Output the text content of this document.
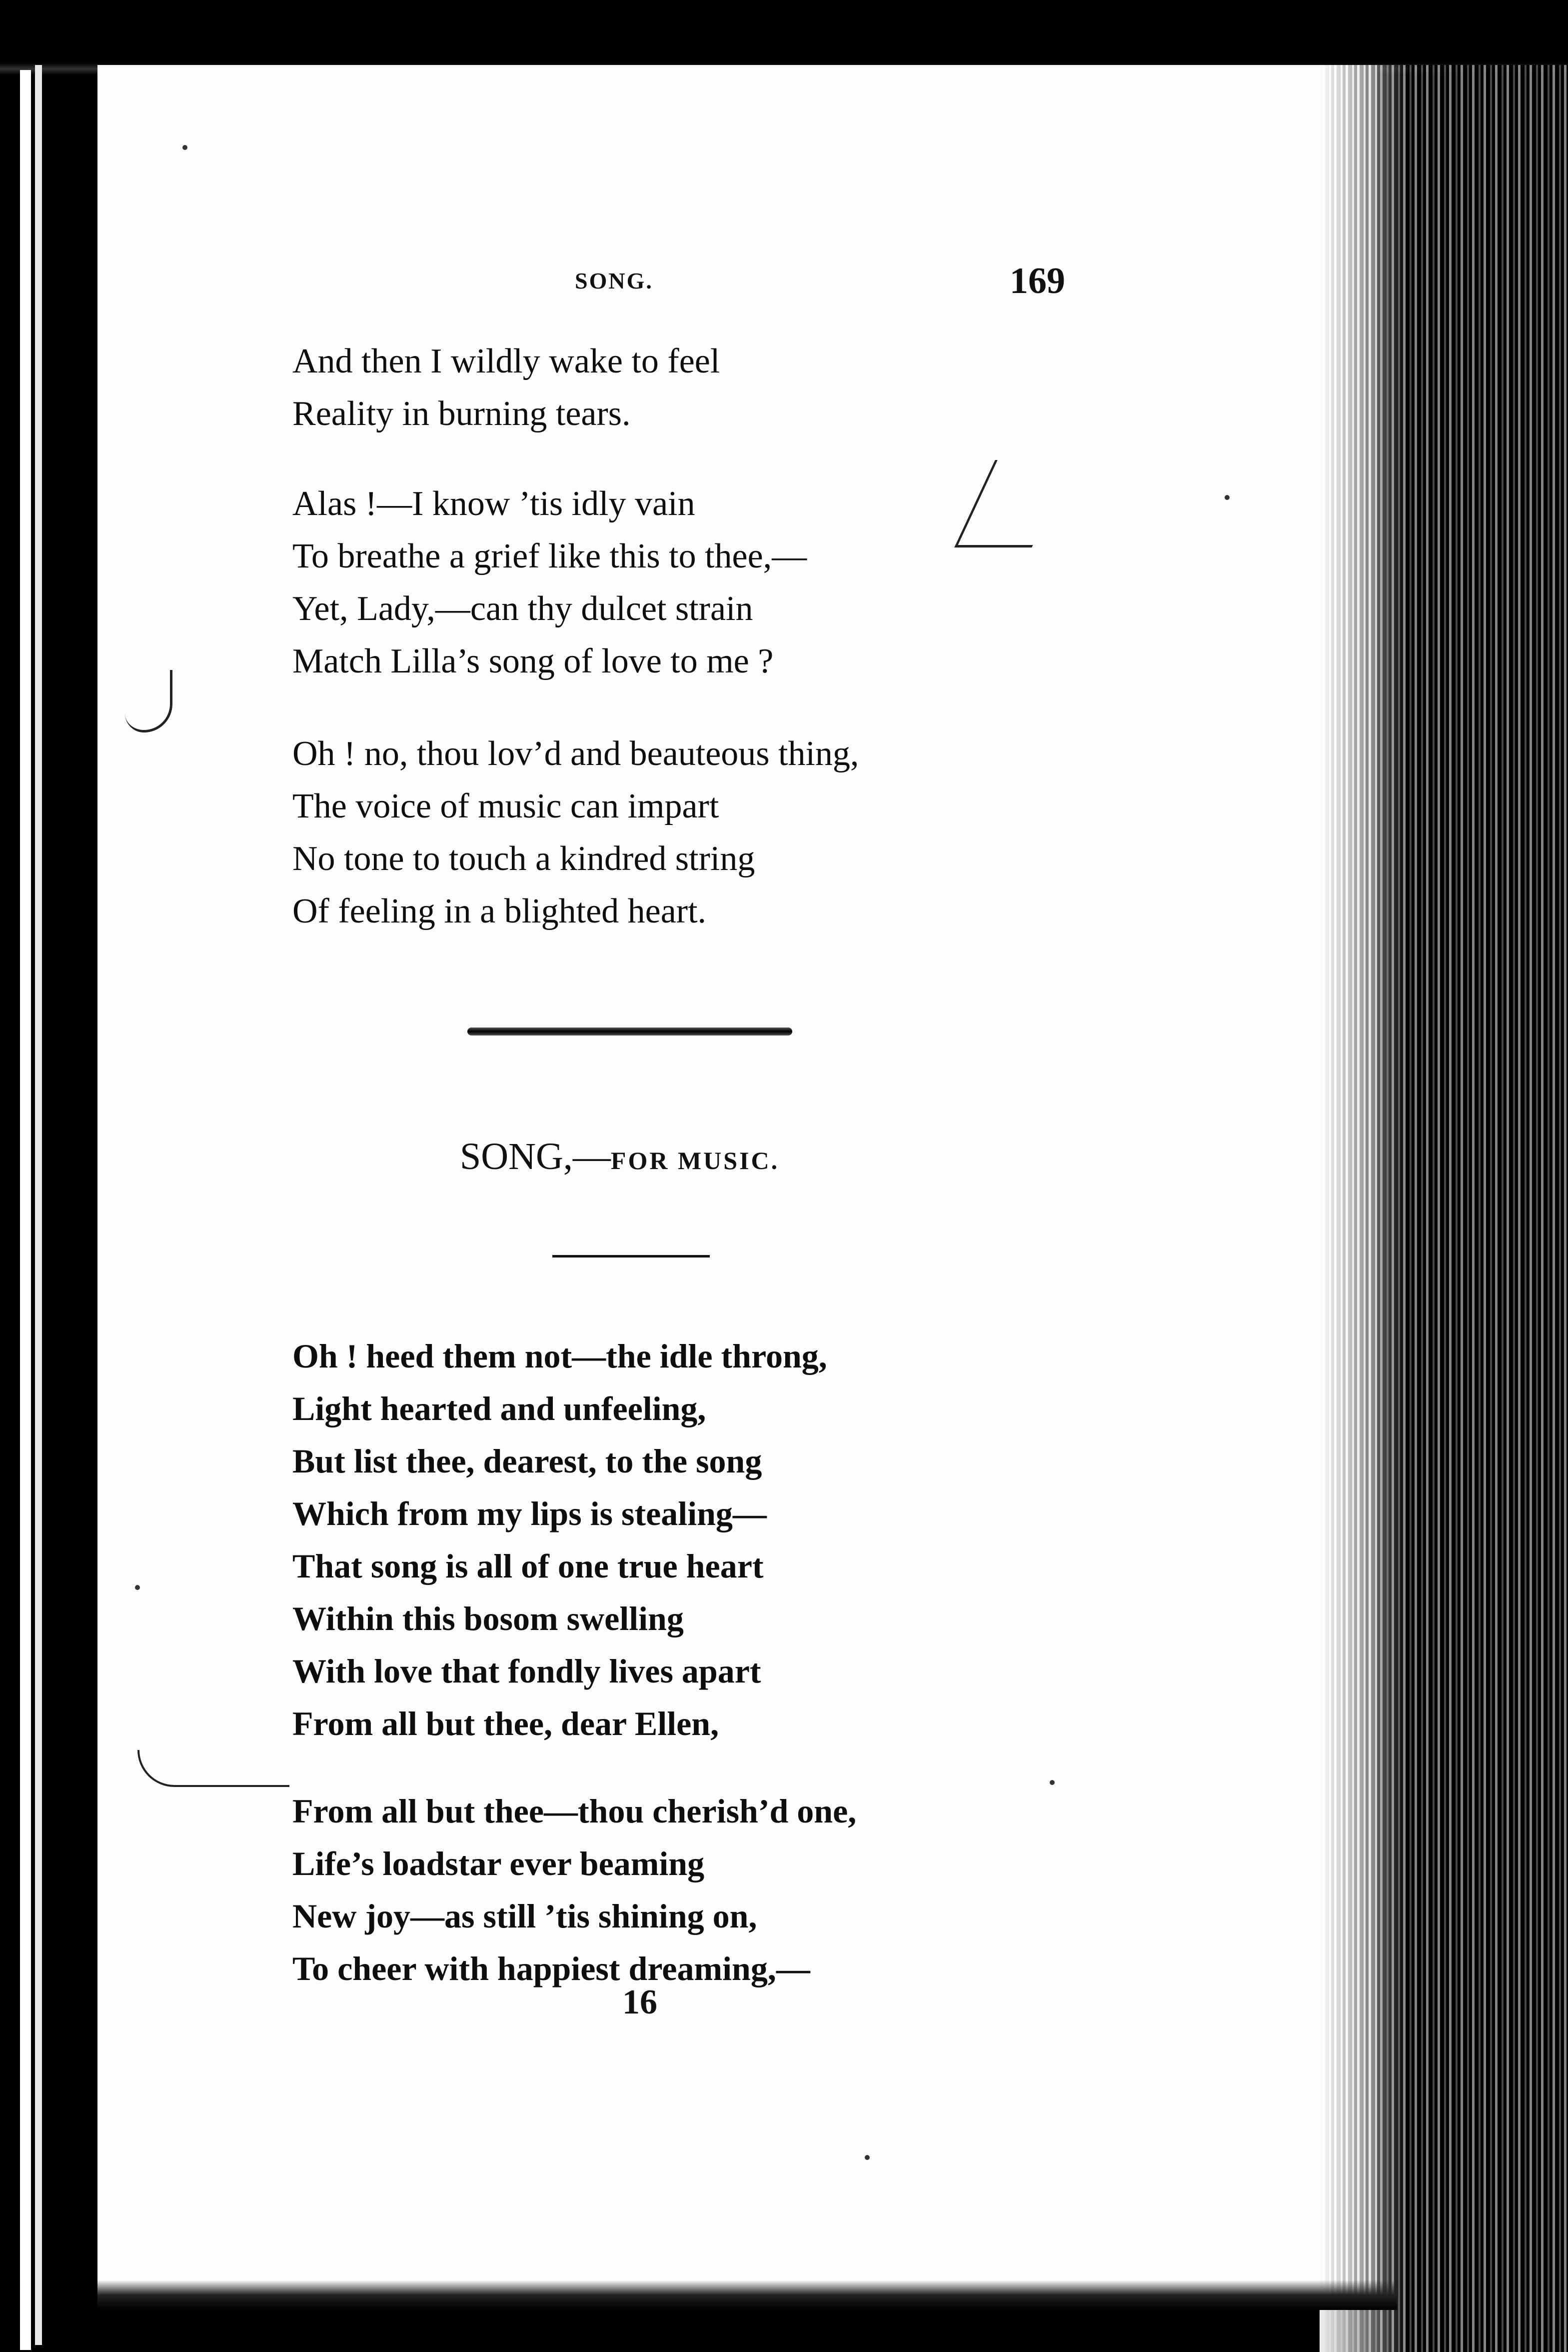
SONG.	169
And then I wildly wake to feel
Reality in burning tears.
Alas !—I know ’tis idly vain
To breathe a grief like this to thee,—
Yet, Lady,—can thy dulcet strain
Match Lilla’s song of love to me ?
Oh ! no, thou lov’d and beauteous thing,
The voice of music can impart
No tone to touch a kindred string
Of feeling in a blighted heart.
SONG,—FOR MUSIC.
Oh ! heed them not—the idle throng,
Light hearted and unfeeling,
But list thee, dearest, to the song
Which from my lips is stealing—
That song is all of one true heart
Within this bosom swelling
With love that fondly lives apart
From all but thee, dear Ellen,
From all but thee—thou cherish’d one,
Life’s loadstar ever beaming
New joy—as still ’tis shining on,
To cheer with happiest dreaming,—
16
